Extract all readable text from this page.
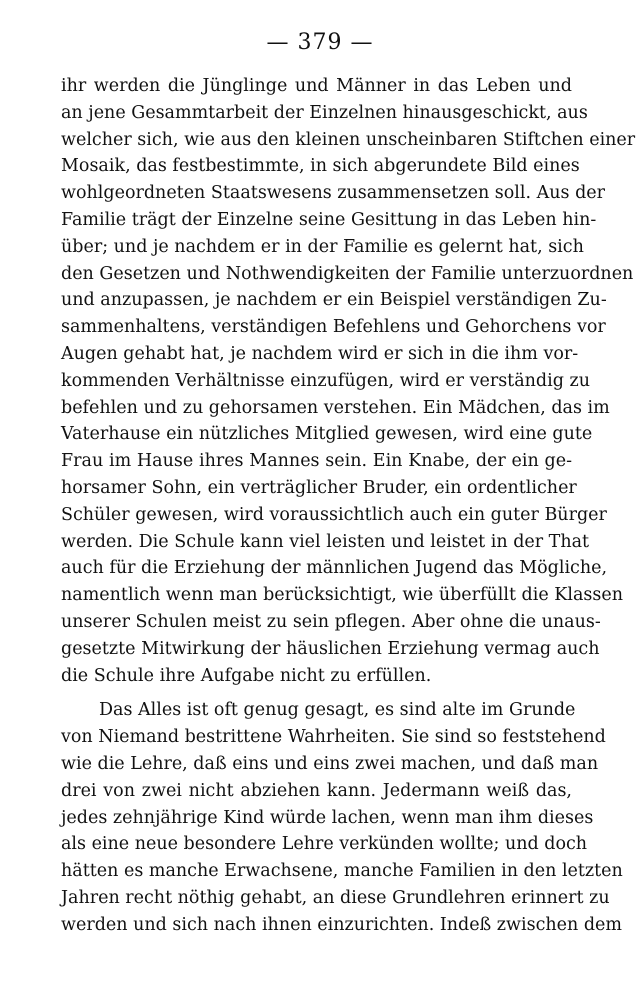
— 379 —
ihr werden die Jünglinge und Männer in das Leben und
an jene Gesammtarbeit der Einzelnen hinausgeschickt, aus
welcher sich, wie aus den kleinen unscheinbaren Stiftchen einer
Mosaik, das festbestimmte, in sich abgerundete Bild eines
wohlgeordneten Staatswesens zusammensetzen soll. Aus der
Familie trägt der Einzelne seine Gesittung in das Leben hin-
über; und je nachdem er in der Familie es gelernt hat, sich
den Gesetzen und Nothwendigkeiten der Familie unterzuordnen
und anzupassen, je nachdem er ein Beispiel verständigen Zu-
sammenhaltens, verständigen Befehlens und Gehorchens vor
Augen gehabt hat, je nachdem wird er sich in die ihm vor-
kommenden Verhältnisse einzufügen, wird er verständig zu
befehlen und zu gehorsamen verstehen. Ein Mädchen, das im
Vaterhause ein nützliches Mitglied gewesen, wird eine gute
Frau im Hause ihres Mannes sein. Ein Knabe, der ein ge-
horsamer Sohn, ein verträglicher Bruder, ein ordentlicher
Schüler gewesen, wird voraussichtlich auch ein guter Bürger
werden. Die Schule kann viel leisten und leistet in der That
auch für die Erziehung der männlichen Jugend das Mögliche,
namentlich wenn man berücksichtigt, wie überfüllt die Klassen
unserer Schulen meist zu sein pflegen. Aber ohne die unaus-
gesetzte Mitwirkung der häuslichen Erziehung vermag auch
die Schule ihre Aufgabe nicht zu erfüllen.
Das Alles ist oft genug gesagt, es sind alte im Grunde
von Niemand bestrittene Wahrheiten. Sie sind so feststehend
wie die Lehre, daß eins und eins zwei machen, und daß man
drei von zwei nicht abziehen kann. Jedermann weiß das,
jedes zehnjährige Kind würde lachen, wenn man ihm dieses
als eine neue besondere Lehre verkünden wollte; und doch
hätten es manche Erwachsene, manche Familien in den letzten
Jahren recht nöthig gehabt, an diese Grundlehren erinnert zu
werden und sich nach ihnen einzurichten. Indeß zwischen dem
